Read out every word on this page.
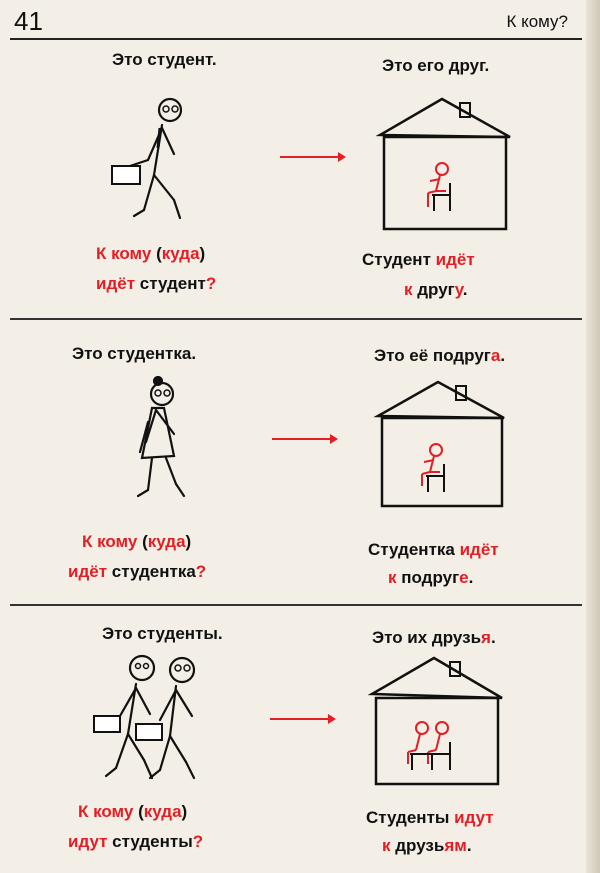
41	К кому?
Это студент.	Это его друг.
К кому (куда)
идёт студент?
Студент идёт
к другу.
Это студентка.	Это её подруга.
К кому (куда)
идёт студентка?
Студентка идёт
к подруге.
Это студенты.	Это их друзья.
К кому (куда)
идут студенты?
Студенты идут
к друзьям.
